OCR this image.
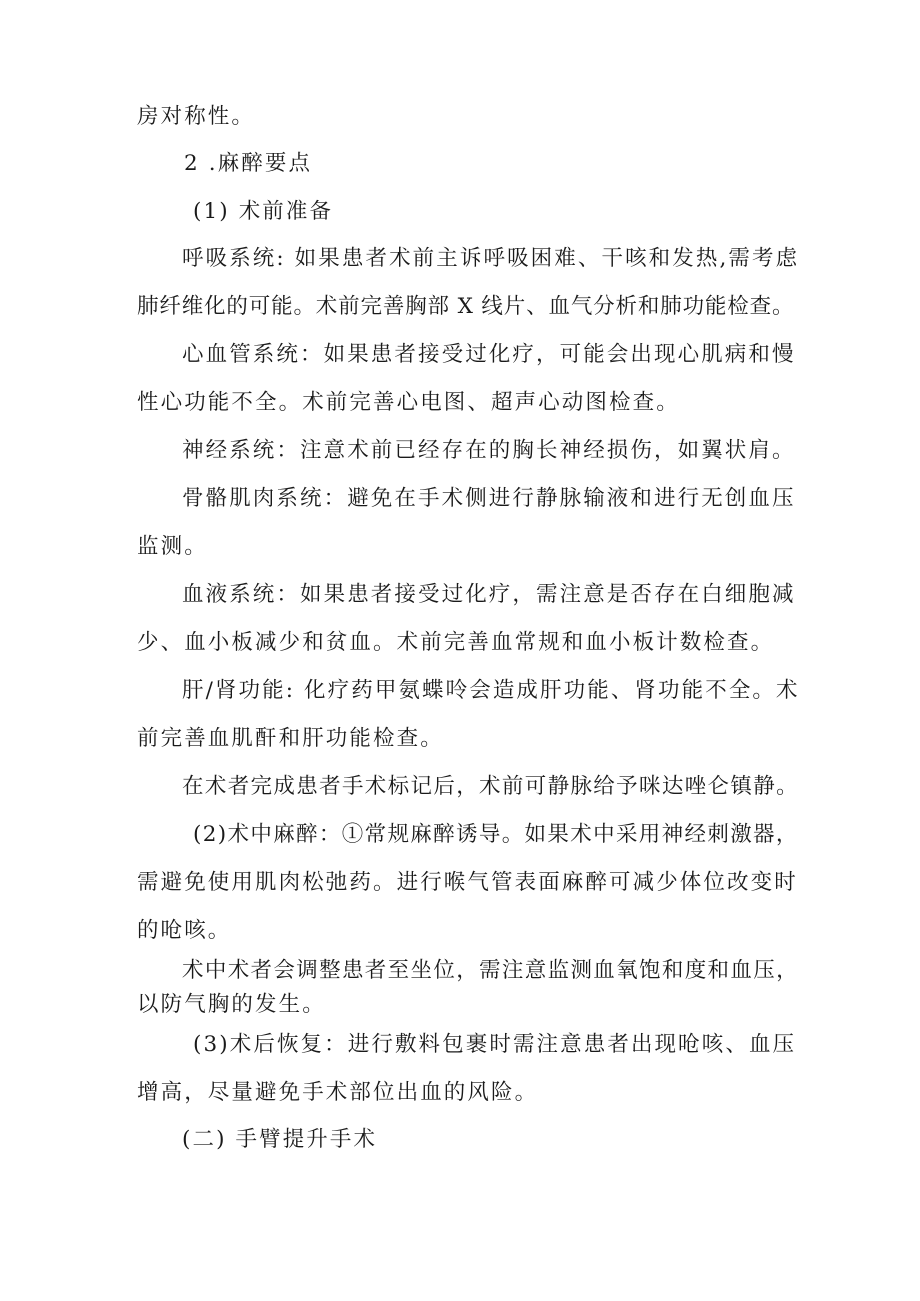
房对称性。
2 .麻醉要点
(1) 术前准备
呼吸系统: 如果患者术前主诉呼吸困难、干咳和发热,需考虑
肺纤维化的可能。术前完善胸部 X 线片、血气分析和肺功能检查。
心血管系统：如果患者接受过化疗，可能会出现心肌病和慢
性心功能不全。术前完善心电图、超声心动图检查。
神经系统：注意术前已经存在的胸长神经损伤，如翼状肩。
骨骼肌肉系统：避免在手术侧进行静脉输液和进行无创血压
监测。
血液系统：如果患者接受过化疗，需注意是否存在白细胞减
少、血小板减少和贫血。术前完善血常规和血小板计数检查。
肝/肾功能: 化疗药甲氨蝶呤会造成肝功能、肾功能不全。术
前完善血肌酐和肝功能检查。
在术者完成患者手术标记后，术前可静脉给予咪达唑仑镇静。
(2)术中麻醉：①常规麻醉诱导。如果术中采用神经刺激器，
需避免使用肌肉松弛药。进行喉气管表面麻醉可减少体位改变时
的呛咳。
术中术者会调整患者至坐位，需注意监测血氧饱和度和血压，
以防气胸的发生。
(3)术后恢复：进行敷料包裹时需注意患者出现呛咳、血压
增高，尽量避免手术部位出血的风险。
(二) 手臂提升手术
